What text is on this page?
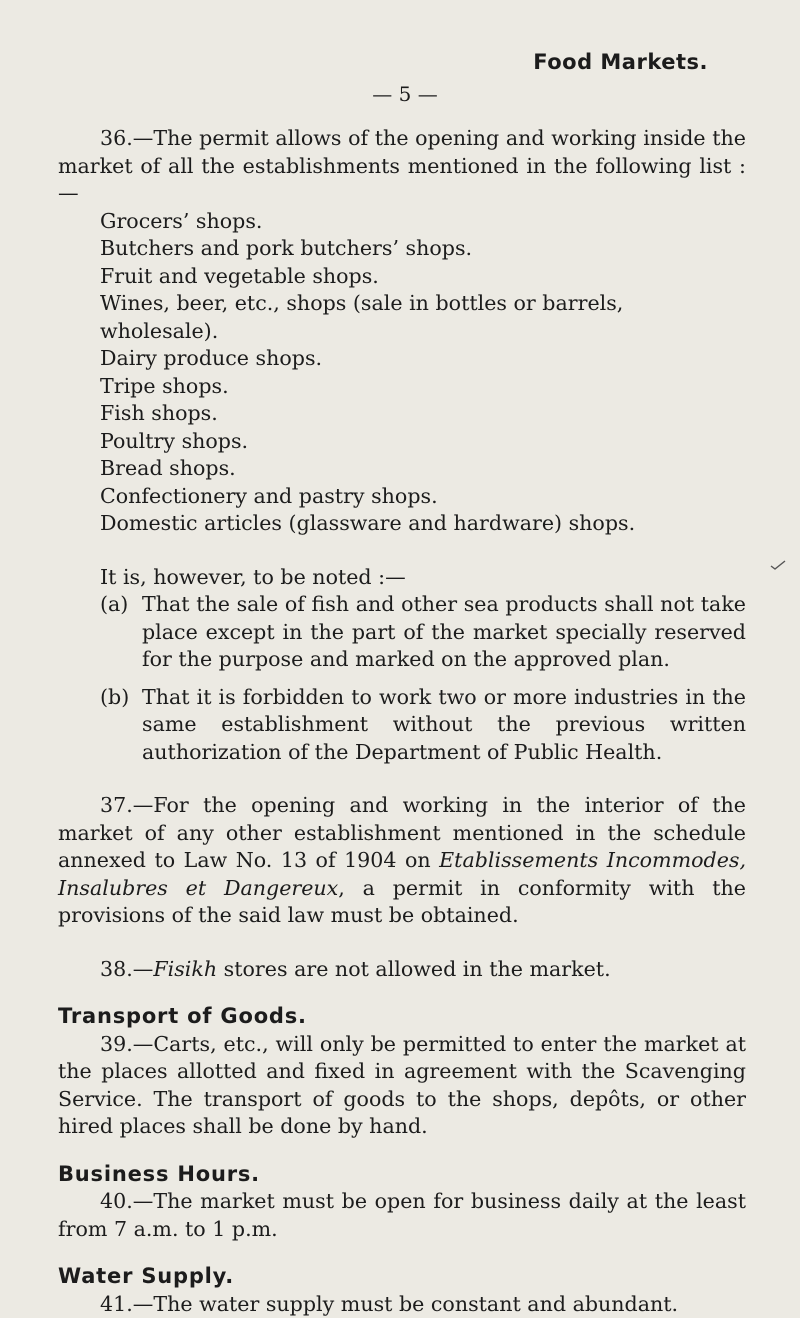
Food Markets.
— 5 —

36.—The permit allows of the opening and working inside the market of all the establishments mentioned in the following list :—

Grocers’ shops.
Butchers and pork butchers’ shops.
Fruit and vegetable shops.
Wines, beer, etc., shops (sale in bottles or barrels, wholesale).
Dairy produce shops.
Tripe shops.
Fish shops.
Poultry shops.
Bread shops.
Confectionery and pastry shops.
Domestic articles (glassware and hardware) shops.

It is, however, to be noted :—

(a) That the sale of fish and other sea products shall not take place except in the part of the market specially reserved for the purpose and marked on the approved plan.
(b) That it is forbidden to work two or more industries in the same establishment without the previous written authorization of the Department of Public Health.

37.—For the opening and working in the interior of the market of any other establishment mentioned in the schedule annexed to Law No. 13 of 1904 on Etablissements Incommodes, Insalubres et Dangereux, a permit in conformity with the provisions of the said law must be obtained.

38.—Fisikh stores are not allowed in the market.

Transport of Goods.

39.—Carts, etc., will only be permitted to enter the market at the places allotted and fixed in agreement with the Scavenging Service. The transport of goods to the shops, depôts, or other hired places shall be done by hand.

Business Hours.

40.—The market must be open for business daily at the least from 7 a.m. to 1 p.m.

Water Supply.

41.—The water supply must be constant and abundant.
